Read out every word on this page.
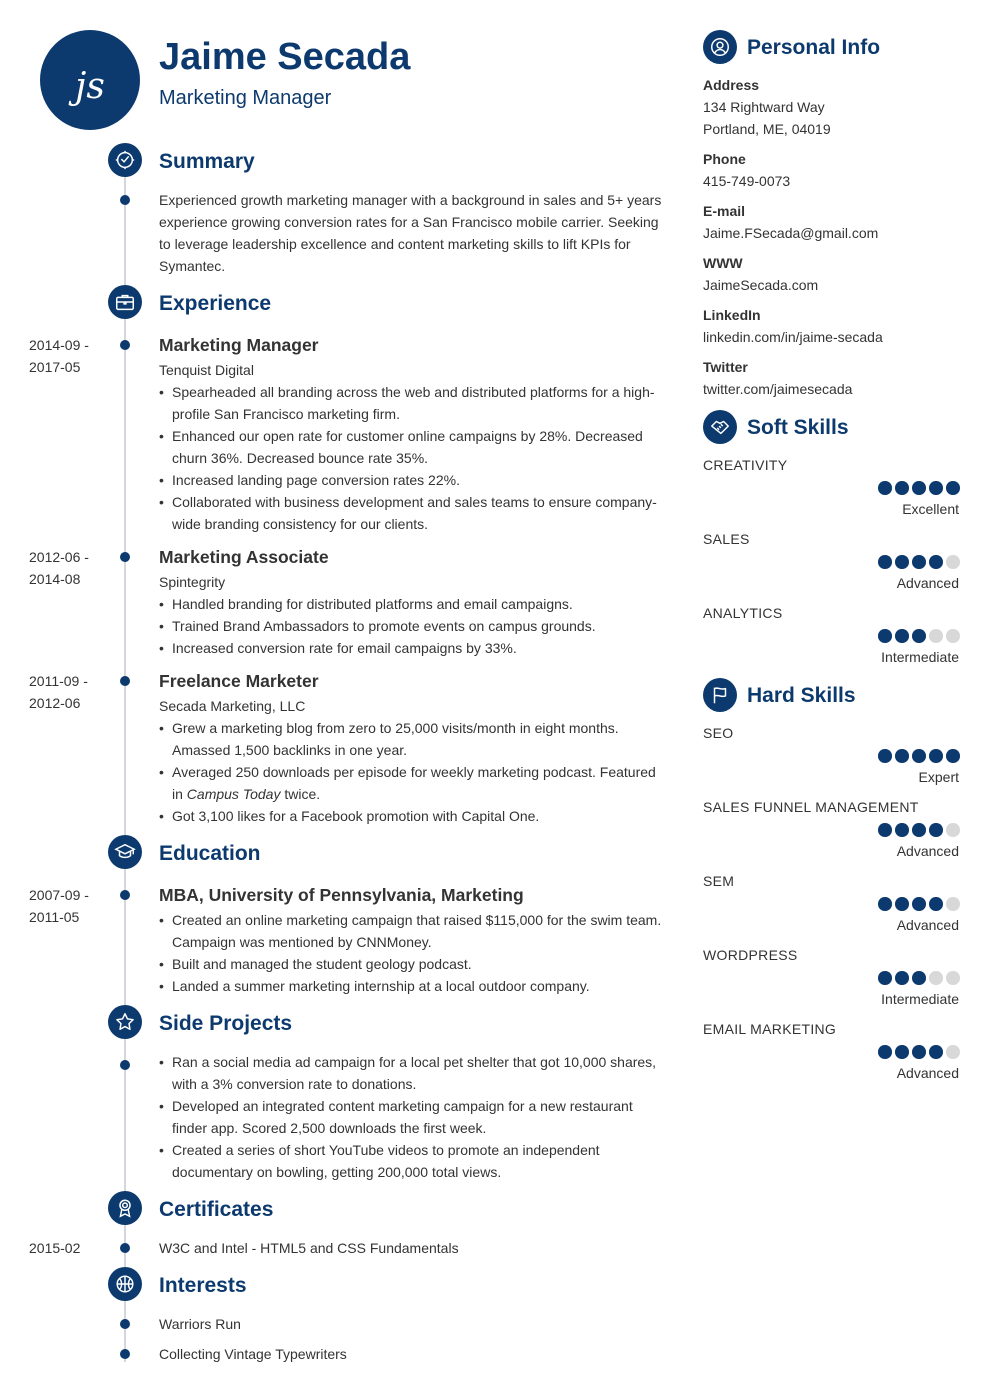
js
Jaime Secada
Marketing Manager
Summary
Experienced growth marketing manager with a background in sales and 5+ years experience growing conversion rates for a San Francisco mobile carrier. Seeking to leverage leadership excellence and content marketing skills to lift KPIs for Symantec.
Experience
2014-09 -
2017-05
Marketing Manager
Tenquist Digital
• Spearheaded all branding across the web and distributed platforms for a high-profile San Francisco marketing firm.
• Enhanced our open rate for customer online campaigns by 28%. Decreased churn 36%. Decreased bounce rate 35%.
• Increased landing page conversion rates 22%.
• Collaborated with business development and sales teams to ensure company-wide branding consistency for our clients.
2012-06 -
2014-08
Marketing Associate
Spintegrity
• Handled branding for distributed platforms and email campaigns.
• Trained Brand Ambassadors to promote events on campus grounds.
• Increased conversion rate for email campaigns by 33%.
2011-09 -
2012-06
Freelance Marketer
Secada Marketing, LLC
• Grew a marketing blog from zero to 25,000 visits/month in eight months. Amassed 1,500 backlinks in one year.
• Averaged 250 downloads per episode for weekly marketing podcast. Featured in Campus Today twice.
• Got 3,100 likes for a Facebook promotion with Capital One.
Education
2007-09 -
2011-05
MBA, University of Pennsylvania, Marketing
• Created an online marketing campaign that raised $115,000 for the swim team. Campaign was mentioned by CNNMoney.
• Built and managed the student geology podcast.
• Landed a summer marketing internship at a local outdoor company.
Side Projects
• Ran a social media ad campaign for a local pet shelter that got 10,000 shares, with a 3% conversion rate to donations.
• Developed an integrated content marketing campaign for a new restaurant finder app. Scored 2,500 downloads the first week.
• Created a series of short YouTube videos to promote an independent documentary on bowling, getting 200,000 total views.
Certificates
2015-02	W3C and Intel - HTML5 and CSS Fundamentals
Interests
Warriors Run
Collecting Vintage Typewriters
Personal Info
Address
134 Rightward Way
Portland, ME, 04019
Phone
415-749-0073
E-mail
Jaime.FSecada@gmail.com
WWW
JaimeSecada.com
LinkedIn
linkedin.com/in/jaime-secada
Twitter
twitter.com/jaimesecada
Soft Skills
CREATIVITY
Excellent
SALES
Advanced
ANALYTICS
Intermediate
Hard Skills
SEO
Expert
SALES FUNNEL MANAGEMENT
Advanced
SEM
Advanced
WORDPRESS
Intermediate
EMAIL MARKETING
Advanced
